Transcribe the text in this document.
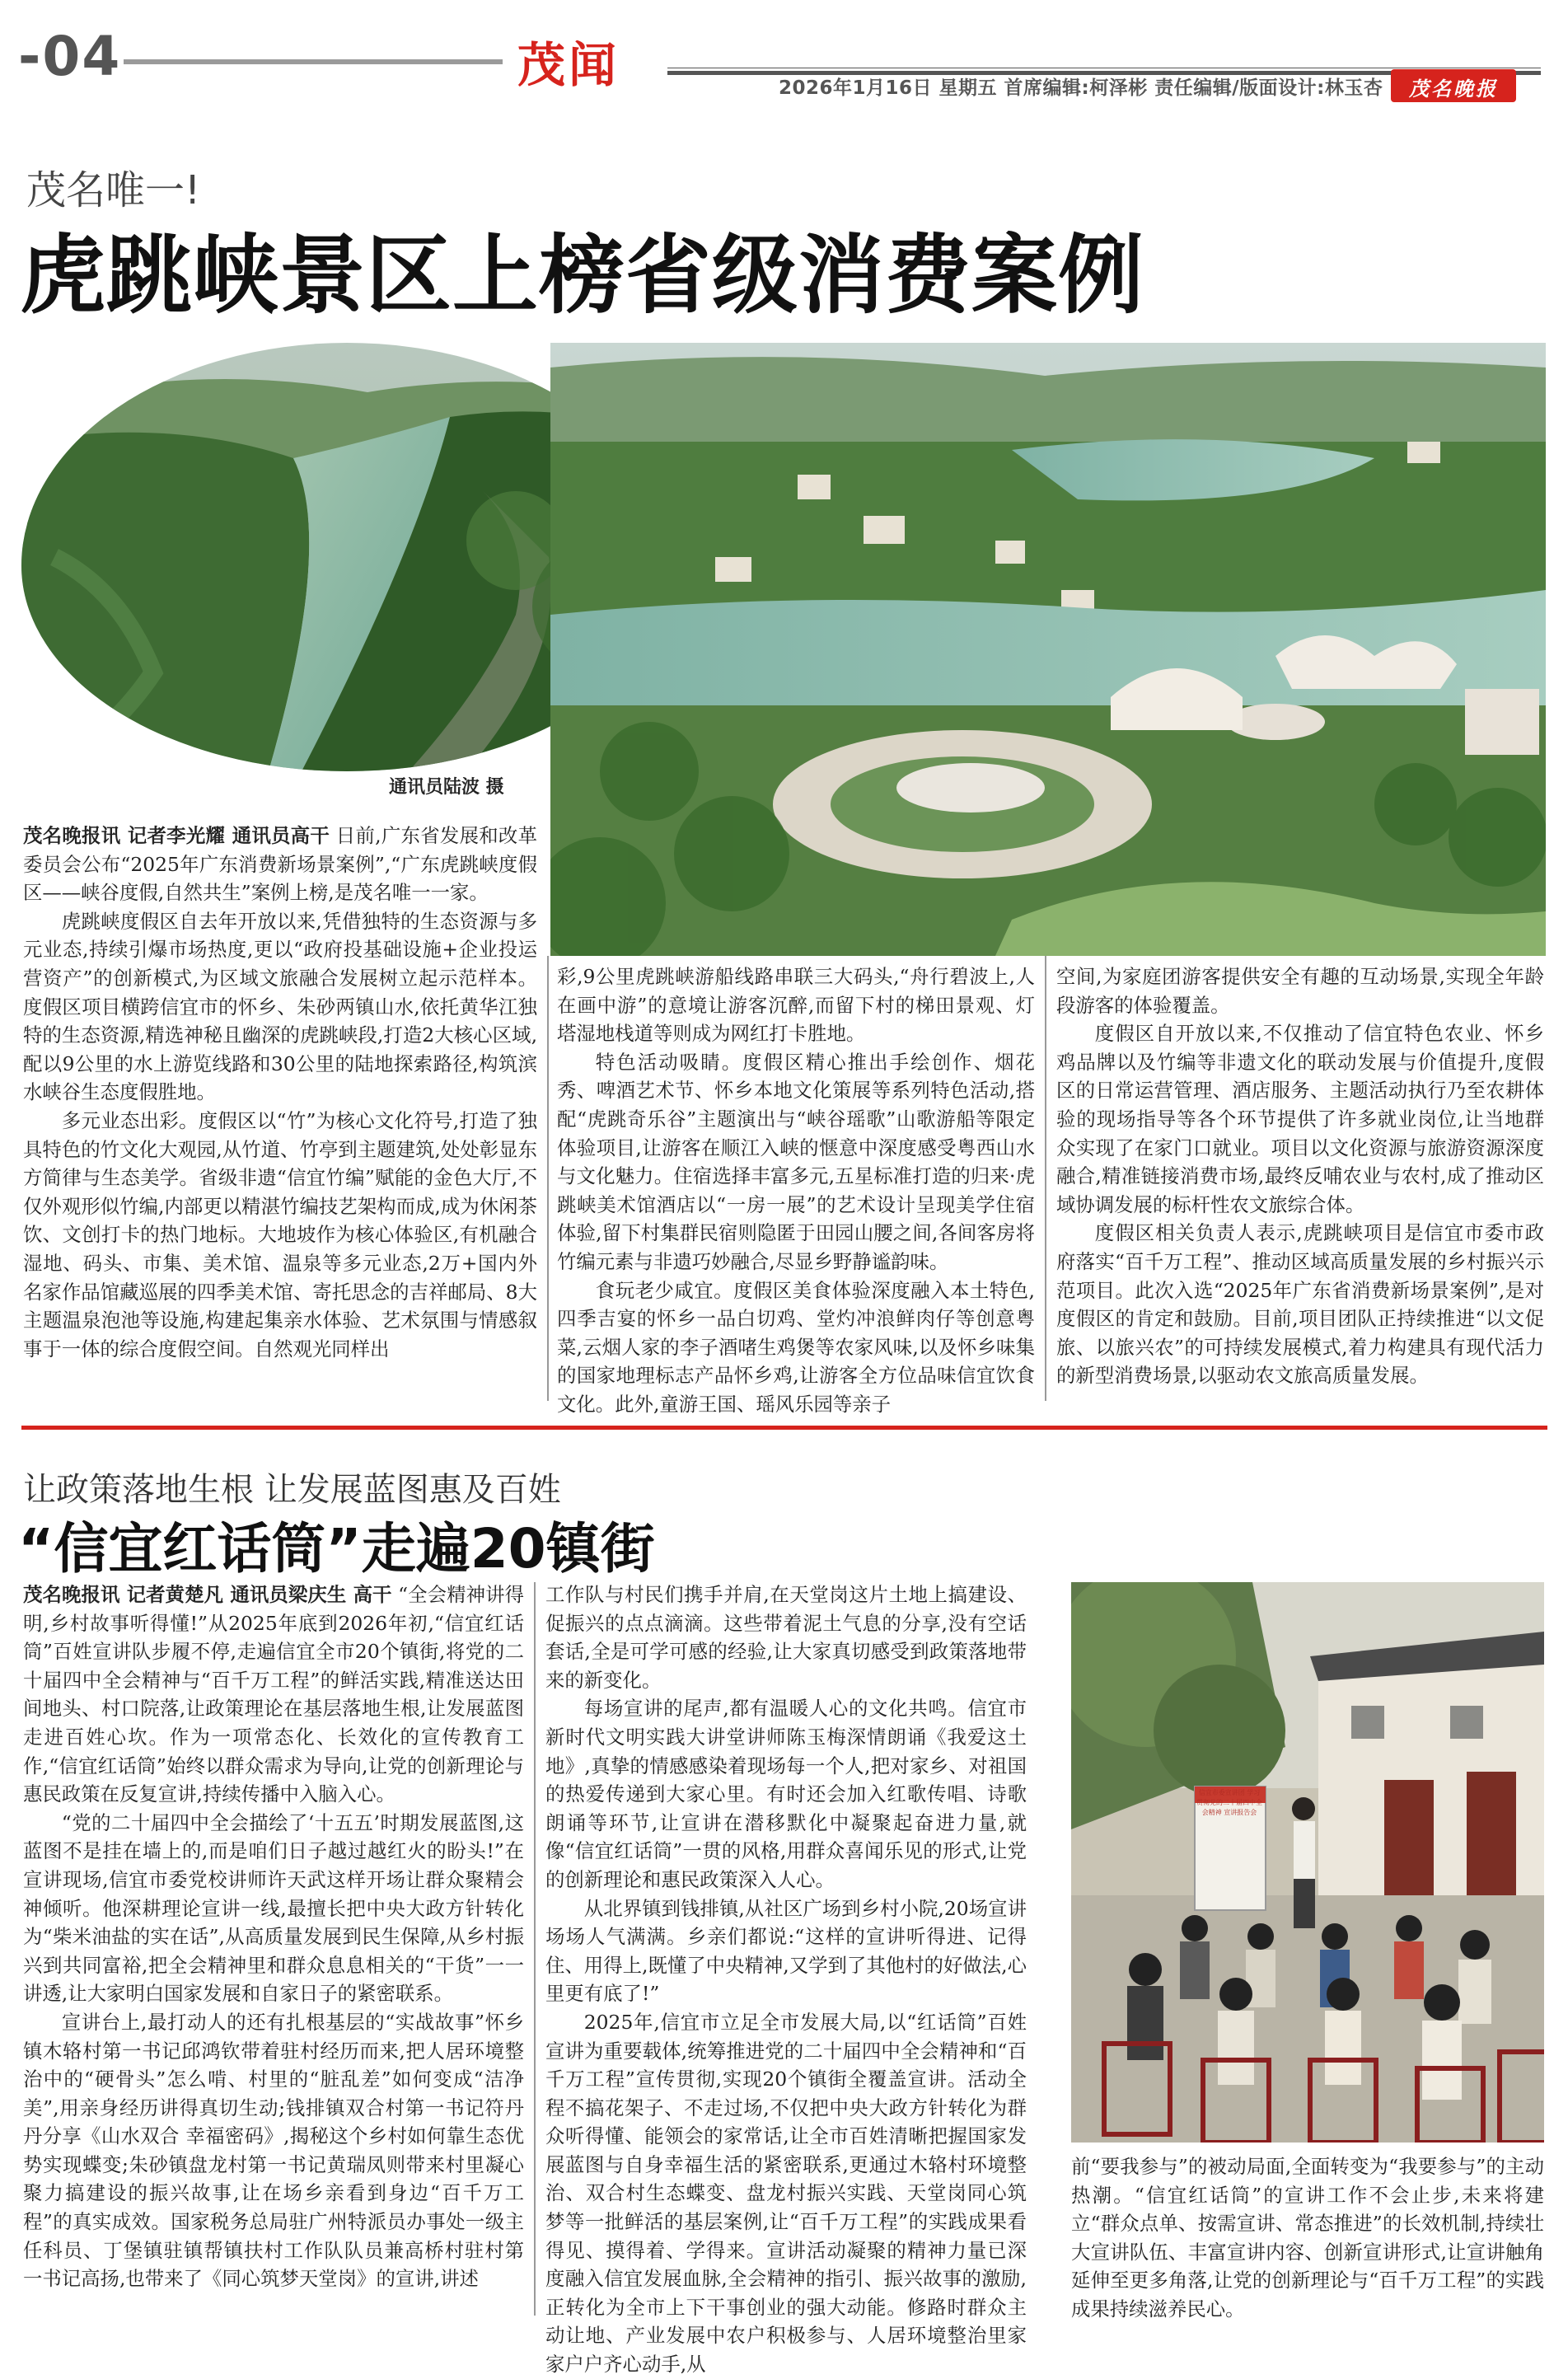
-04	茂闻	2026年1月16日 星期五 首席编辑:柯泽彬 责任编辑/版面设计:林玉杏	茂名晚报
茂名唯一!
虎跳峡景区上榜省级消费案例
通讯员陆波 摄

茂名晚报讯 记者李光耀 通讯员高干 日前,广东省发展和改革委员会公布“2025年广东消费新场景案例”,“广东虎跳峡度假区——峡谷度假,自然共生”案例上榜,是茂名唯一一家。

虎跳峡度假区自去年开放以来,凭借独特的生态资源与多元业态,持续引爆市场热度,更以“政府投基础设施+企业投运营资产”的创新模式,为区域文旅融合发展树立起示范样本。度假区项目横跨信宜市的怀乡、朱砂两镇山水,依托黄华江独特的生态资源,精选神秘且幽深的虎跳峡段,打造2大核心区域,配以9公里的水上游览线路和30公里的陆地探索路径,构筑滨水峡谷生态度假胜地。

多元业态出彩。度假区以“竹”为核心文化符号,打造了独具特色的竹文化大观园,从竹道、竹亭到主题建筑,处处彰显东方简律与生态美学。省级非遗“信宜竹编”赋能的金色大厅,不仅外观形似竹编,内部更以精湛竹编技艺架构而成,成为休闲茶饮、文创打卡的热门地标。大地坡作为核心体验区,有机融合湿地、码头、市集、美术馆、温泉等多元业态,2万+国内外名家作品馆藏巡展的四季美术馆、寄托思念的吉祥邮局、8大主题温泉泡池等设施,构建起集亲水体验、艺术氛围与情感叙事于一体的综合度假空间。自然观光同样出

彩,9公里虎跳峡游船线路串联三大码头,“舟行碧波上,人在画中游”的意境让游客沉醉,而留下村的梯田景观、灯塔湿地栈道等则成为网红打卡胜地。

特色活动吸睛。度假区精心推出手绘创作、烟花秀、啤酒艺术节、怀乡本地文化策展等系列特色活动,搭配“虎跳奇乐谷”主题演出与“峡谷瑶歌”山歌游船等限定体验项目,让游客在顺江入峡的惬意中深度感受粤西山水与文化魅力。住宿选择丰富多元,五星标准打造的归来·虎跳峡美术馆酒店以“一房一展”的艺术设计呈现美学住宿体验,留下村集群民宿则隐匿于田园山腰之间,各间客房将竹编元素与非遗巧妙融合,尽显乡野静谧韵味。

食玩老少咸宜。度假区美食体验深度融入本土特色,四季吉宴的怀乡一品白切鸡、堂灼冲浪鲜肉仔等创意粤菜,云烟人家的李子酒啫生鸡煲等农家风味,以及怀乡味集的国家地理标志产品怀乡鸡,让游客全方位品味信宜饮食文化。此外,童游王国、瑶风乐园等亲子

空间,为家庭团游客提供安全有趣的互动场景,实现全年龄段游客的体验覆盖。

度假区自开放以来,不仅推动了信宜特色农业、怀乡鸡品牌以及竹编等非遗文化的联动发展与价值提升,度假区的日常运营管理、酒店服务、主题活动执行乃至农耕体验的现场指导等各个环节提供了许多就业岗位,让当地群众实现了在家门口就业。项目以文化资源与旅游资源深度融合,精准链接消费市场,最终反哺农业与农村,成了推动区域协调发展的标杆性农文旅综合体。

度假区相关负责人表示,虎跳峡项目是信宜市委市政府落实“百千万工程”、推动区域高质量发展的乡村振兴示范项目。此次入选“2025年广东省消费新场景案例”,是对度假区的肯定和鼓励。目前,项目团队正持续推进“以文促旅、以旅兴农”的可持续发展模式,着力构建具有现代活力的新型消费场景,以驱动农文旅高质量发展。

让政策落地生根 让发展蓝图惠及百姓
“信宜红话筒”走遍20镇街

茂名晚报讯 记者黄楚凡 通讯员梁庆生 高干 “全会精神讲得明,乡村故事听得懂!”从2025年底到2026年初,“信宜红话筒”百姓宣讲队步履不停,走遍信宜全市20个镇街,将党的二十届四中全会精神与“百千万工程”的鲜活实践,精准送达田间地头、村口院落,让政策理论在基层落地生根,让发展蓝图走进百姓心坎。作为一项常态化、长效化的宣传教育工作,“信宜红话筒”始终以群众需求为导向,让党的创新理论与惠民政策在反复宣讲,持续传播中入脑入心。

“党的二十届四中全会描绘了‘十五五’时期发展蓝图,这蓝图不是挂在墙上的,而是咱们日子越过越红火的盼头!”在宣讲现场,信宜市委党校讲师许天武这样开场让群众聚精会神倾听。他深耕理论宣讲一线,最擅长把中央大政方针转化为“柴米油盐的实在话”,从高质量发展到民生保障,从乡村振兴到共同富裕,把全会精神里和群众息息相关的“干货”一一讲透,让大家明白国家发展和自家日子的紧密联系。

宣讲台上,最打动人的还有扎根基层的“实战故事”怀乡镇木辂村第一书记邱鸿钦带着驻村经历而来,把人居环境整治中的“硬骨头”怎么啃、村里的“脏乱差”如何变成“洁净美”,用亲身经历讲得真切生动;钱排镇双合村第一书记符丹丹分享《山水双合 幸福密码》,揭秘这个乡村如何靠生态优势实现蝶变;朱砂镇盘龙村第一书记黄瑞凤则带来村里凝心聚力搞建设的振兴故事,让在场乡亲看到身边“百千万工程”的真实成效。国家税务总局驻广州特派员办事处一级主任科员、丁堡镇驻镇帮镇扶村工作队队员兼高桥村驻村第一书记高扬,也带来了《同心筑梦天堂岗》的宣讲,讲述

工作队与村民们携手并肩,在天堂岗这片土地上搞建设、促振兴的点点滴滴。这些带着泥土气息的分享,没有空话套话,全是可学可感的经验,让大家真切感受到政策落地带来的新变化。

每场宣讲的尾声,都有温暖人心的文化共鸣。信宜市新时代文明实践大讲堂讲师陈玉梅深情朗诵《我爱这土地》,真挚的情感感染着现场每一个人,把对家乡、对祖国的热爱传递到大家心里。有时还会加入红歌传唱、诗歌朗诵等环节,让宣讲在潜移默化中凝聚起奋进力量,就像“信宜红话筒”一贯的风格,用群众喜闻乐见的形式,让党的创新理论和惠民政策深入人心。

从北界镇到钱排镇,从社区广场到乡村小院,20场宣讲场场人气满满。乡亲们都说:“这样的宣讲听得进、记得住、用得上,既懂了中央精神,又学到了其他村的好做法,心里更有底了!”

2025年,信宜市立足全市发展大局,以“红话筒”百姓宣讲为重要载体,统筹推进党的二十届四中全会精神和“百千万工程”宣传贯彻,实现20个镇街全覆盖宣讲。活动全程不搞花架子、不走过场,不仅把中央大政方针转化为群众听得懂、能领会的家常话,让全市百姓清晰把握国家发展蓝图与自身幸福生活的紧密联系,更通过木辂村环境整治、双合村生态蝶变、盘龙村振兴实践、天堂岗同心筑梦等一批鲜活的基层案例,让“百千万工程”的实践成果看得见、摸得着、学得来。宣讲活动凝聚的精神力量已深度融入信宜发展血脉,全会精神的指引、振兴故事的激励,正转化为全市上下干事创业的强大动能。修路时群众主动让地、产业发展中农户积极参与、人居环境整治里家家户户齐心动手,从

信宜市委宣讲团 学习贯彻党的二十届四中全会精神 宣讲报告会

前“要我参与”的被动局面,全面转变为“我要参与”的主动热潮。“信宜红话筒”的宣讲工作不会止步,未来将建立“群众点单、按需宣讲、常态推进”的长效机制,持续壮大宣讲队伍、丰富宣讲内容、创新宣讲形式,让宣讲触角延伸至更多角落,让党的创新理论与“百千万工程”的实践成果持续滋养民心。
